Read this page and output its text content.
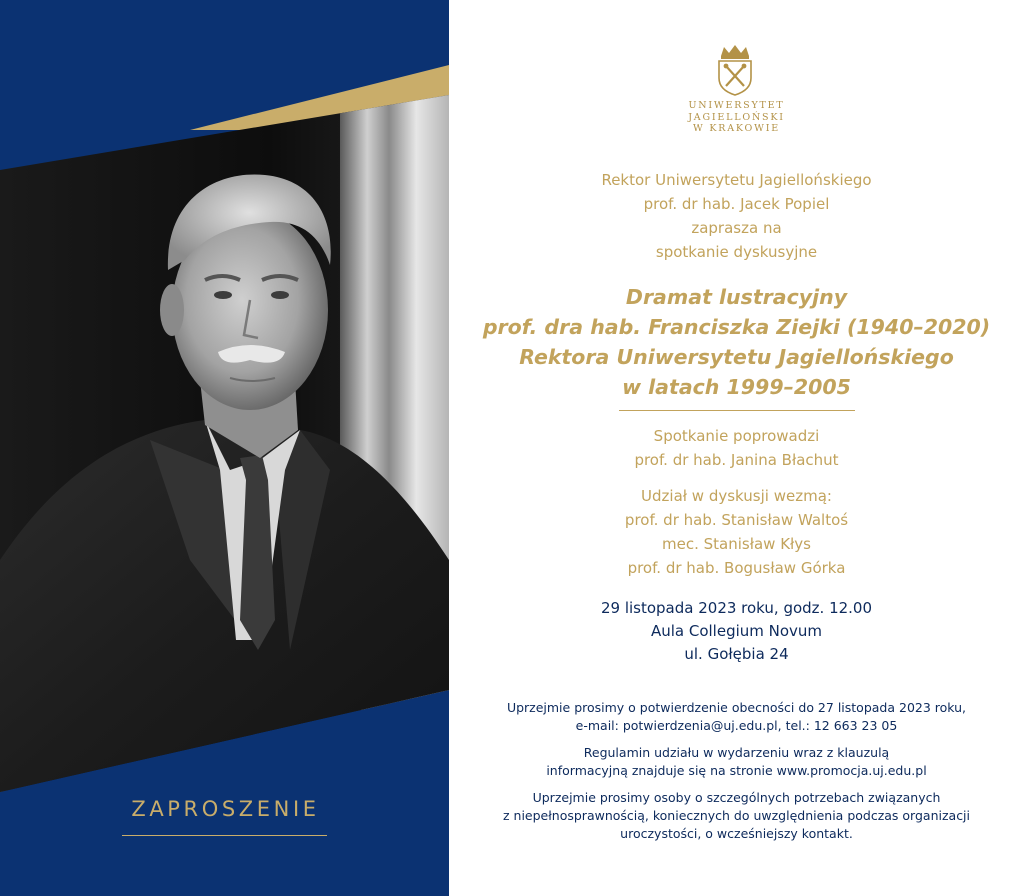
ZAPROSZENIE
UNIWERSYTET
JAGIELLOŃSKI
W KRAKOWIE
Rektor Uniwersytetu Jagiellońskiego
prof. dr hab. Jacek Popiel
zaprasza na
spotkanie dyskusyjne
Dramat lustracyjny
prof. dra hab. Franciszka Ziejki (1940–2020)
Rektora Uniwersytetu Jagiellońskiego
w latach 1999–2005
Spotkanie poprowadzi
prof. dr hab. Janina Błachut
Udział w dyskusji wezmą:
prof. dr hab. Stanisław Waltoś
mec. Stanisław Kłys
prof. dr hab. Bogusław Górka
29 listopada 2023 roku, godz. 12.00
Aula Collegium Novum
ul. Gołębia 24
Uprzejmie prosimy o potwierdzenie obecności do 27 listopada 2023 roku,
e-mail: potwierdzenia@uj.edu.pl, tel.: 12 663 23 05
Regulamin udziału w wydarzeniu wraz z klauzulą
informacyjną znajduje się na stronie www.promocja.uj.edu.pl
Uprzejmie prosimy osoby o szczególnych potrzebach związanych
z niepełnosprawnością, koniecznych do uwzględnienia podczas organizacji
uroczystości, o wcześniejszy kontakt.
